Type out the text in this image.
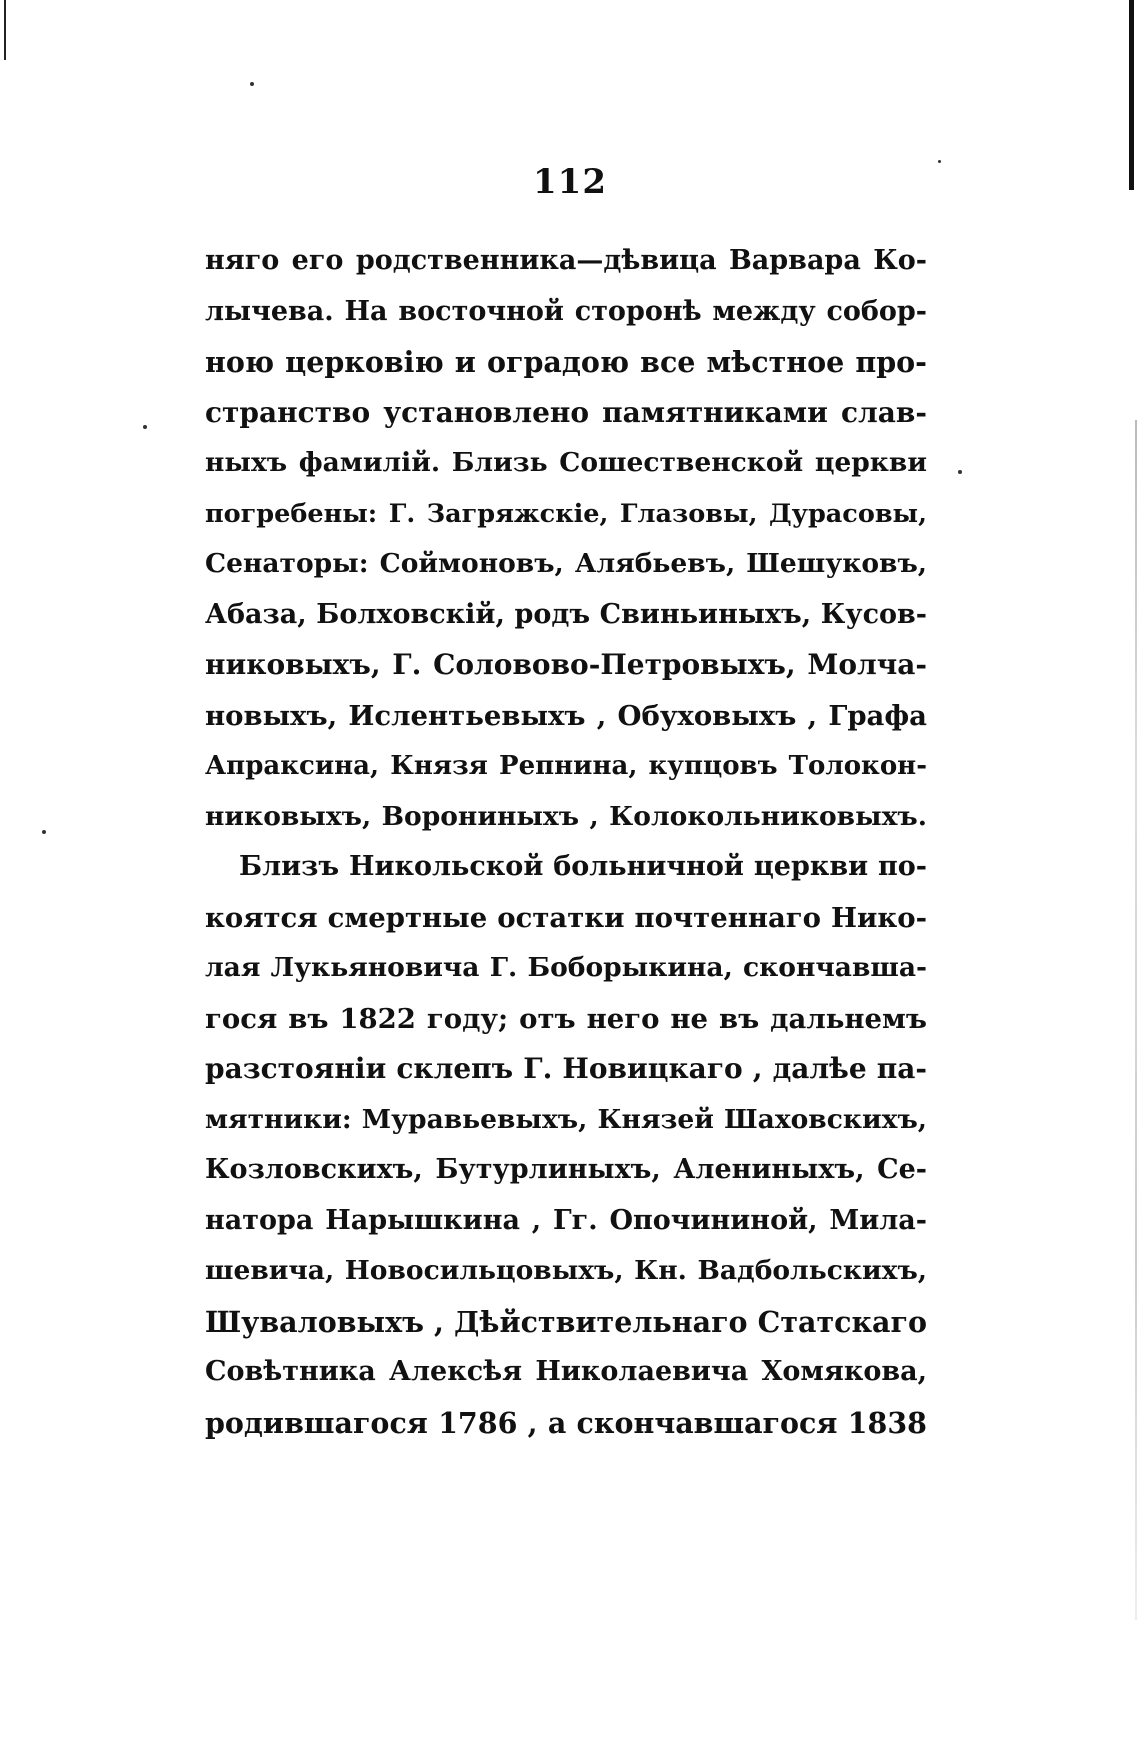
112
нягo его родственника—дѣвица Варвара Ко-
лычева. На восточной сторонѣ между собор-
ною церковію и оградою все мѣстное про-
странство установлено памятниками слав-
ныхъ фамилій. Близь Сошественской церкви
погребены: Г. Загряжскіе, Глазовы, Дурасовы,
Сенаторы: Соймоновъ, Алябьевъ, Шешуковъ,
Абаза, Болховскій, родъ Свиньиныхъ, Кусов-
никовыхъ, Г. Соловово-Петровыхъ, Молча-
новыхъ, Ислентьевыхъ , Обуховыхъ , Графа
Апраксина, Князя Репнина, купцовъ Толокон-
никовыхъ, Ворониныхъ , Колокольниковыхъ.
Близъ Никольской больничной церкви по-
коятся смертные остатки почтеннаго Нико-
лая Лукьяновича Г. Боборыкина, скончавша-
гося въ 1822 году; отъ него не въ дальнемъ
разстояніи склепъ Г. Новицкаго , далѣе па-
мятники: Муравьевыхъ, Князей Шаховскихъ,
Козловскихъ, Бутурлиныхъ, Алениныхъ, Се-
натора Нарышкина , Гг. Опочининой, Мила-
шевича, Новосильцовыхъ, Кн. Вадбольскихъ,
Шуваловыхъ , Дѣйствительнаго Статскаго
Совѣтника Алексѣя Николаевича Хомякова,
родившагося 1786 , а скончавшагося 1838
